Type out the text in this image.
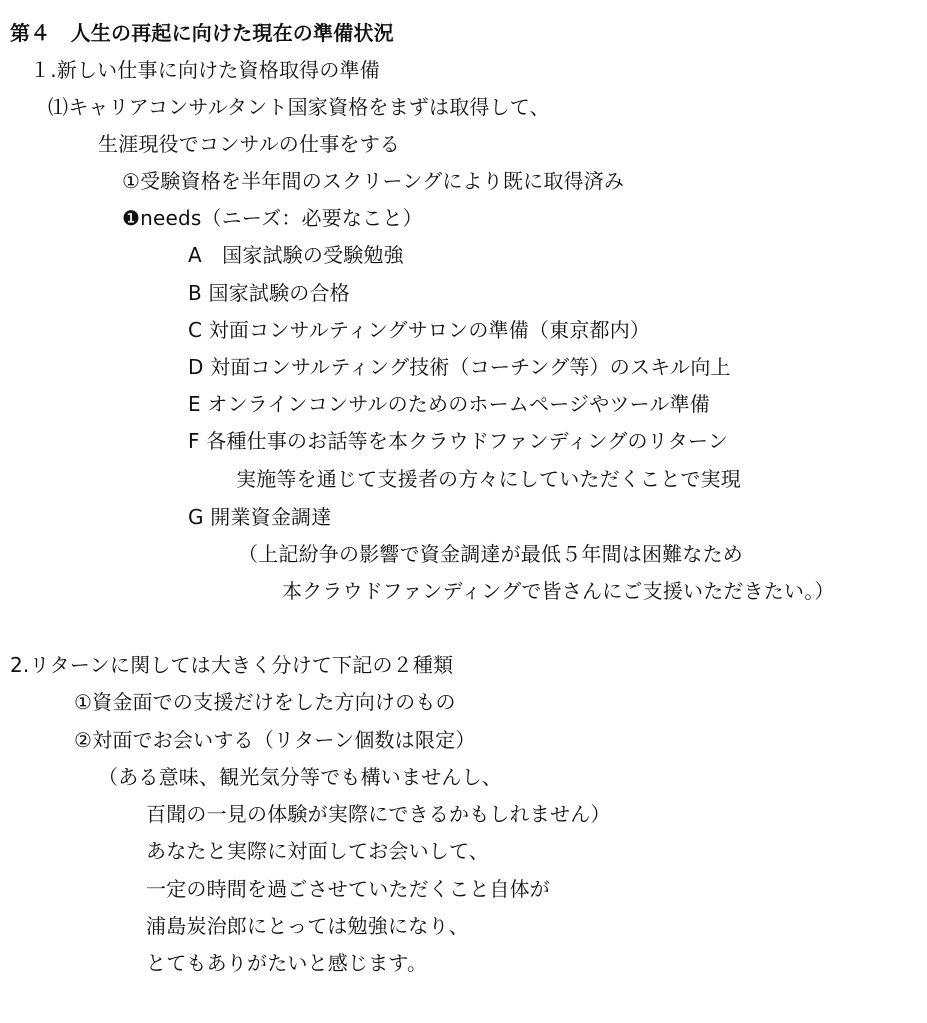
第４　人生の再起に向けた現在の準備状況
１.新しい仕事に向けた資格取得の準備
⑴キャリアコンサルタント国家資格をまずは取得して、
生涯現役でコンサルの仕事をする
①受験資格を半年間のスクリーングにより既に取得済み
❶needs（ニーズ：必要なこと）
A　国家試験の受験勉強
B 国家試験の合格
C 対面コンサルティングサロンの準備（東京都内）
D 対面コンサルティング技術（コーチング等）のスキル向上
E オンラインコンサルのためのホームページやツール準備
F 各種仕事のお話等を本クラウドファンディングのリターン
実施等を通じて支援者の方々にしていただくことで実現
G 開業資金調達
（上記紛争の影響で資金調達が最低５年間は困難なため
本クラウドファンディングで皆さんにご支援いただきたい。）
2.リターンに関しては大きく分けて下記の２種類
①資金面での支援だけをした方向けのもの
②対面でお会いする（リターン個数は限定）
（ある意味、観光気分等でも構いませんし、
百聞の一見の体験が実際にできるかもしれません）
あなたと実際に対面してお会いして、
一定の時間を過ごさせていただくこと自体が
浦島炭治郎にとっては勉強になり、
とてもありがたいと感じます。
